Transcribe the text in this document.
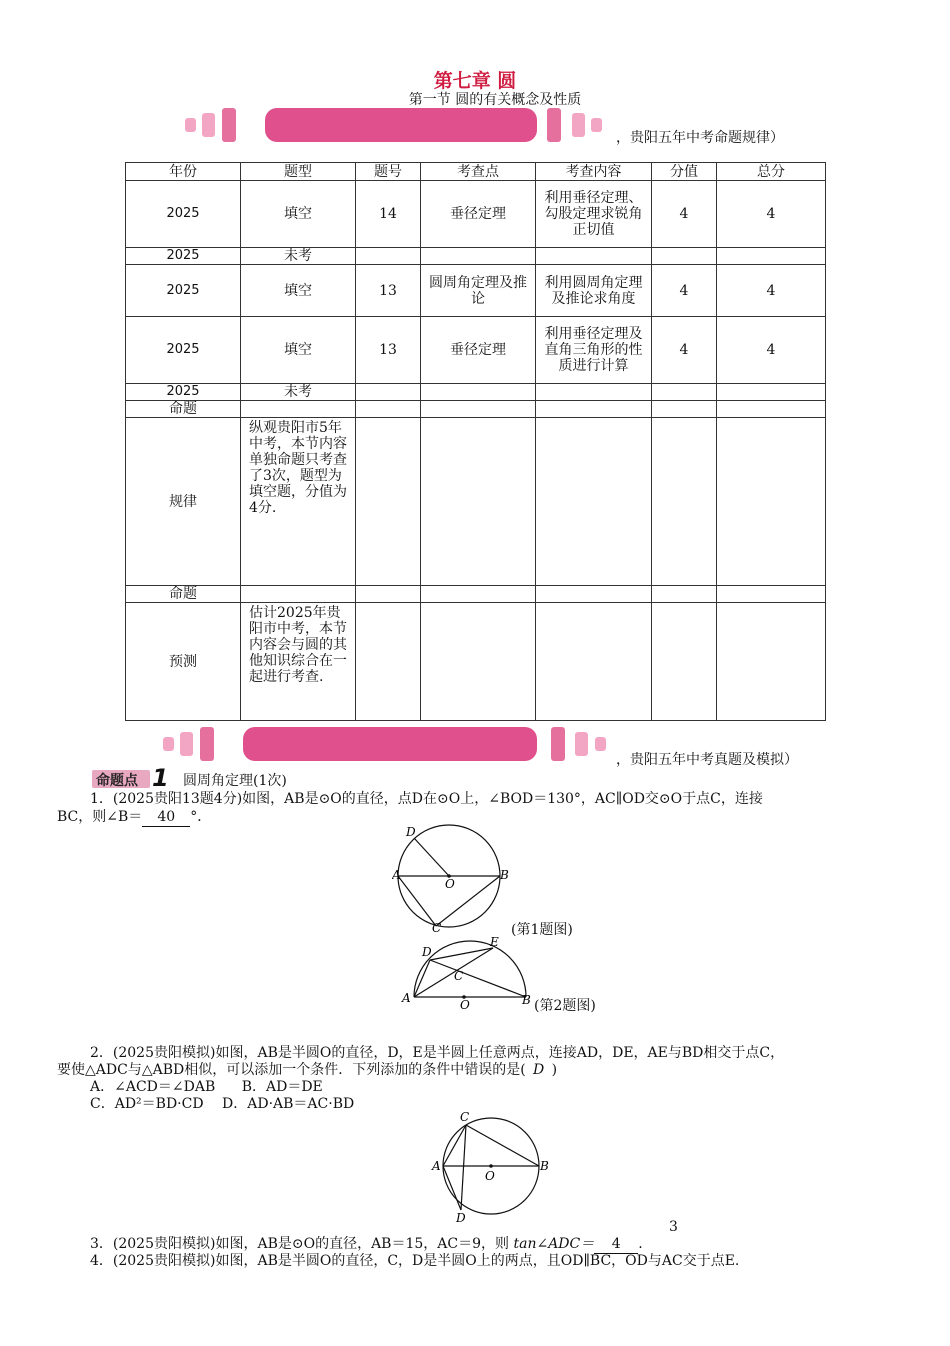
第七章 圆
第一节 圆的有关概念及性质
，贵阳五年中考命题规律）
年份	题型	题号	考查点	考查内容	分值	总分
2025	填空	14	垂径定理	利用垂径定理、勾股定理求锐角正切值	4	4
2025	未考					
2025	填空	13	圆周角定理及推论	利用圆周角定理及推论求角度	4	4
2025	填空	13	垂径定理	利用垂径定理及直角三角形的性质进行计算	4	4
2025	未考					
命题						
规律	纵观贵阳市5年中考，本节内容单独命题只考查了3次，题型为填空题，分值为4分.					
命题						
预测	估计2025年贵阳市中考，本节内容会与圆的其他知识综合在一起进行考查.					
，贵阳五年中考真题及模拟）
命题点 1 圆周角定理(1次)
1．(2025贵阳13题4分)如图，AB是⊙O的直径，点D在⊙O上，∠BOD＝130°，AC∥OD交⊙O于点C，连接
BC，则∠B＝ 40 °．
D
A
O
B
C	(第1题图)
D
E
C
A	O	B (第2题图)
2．(2025贵阳模拟)如图，AB是半圆O的直径，D，E是半圆上任意两点，连接AD，DE，AE与BD相交于点C，
要使△ADC与△ABD相似，可以添加一个条件．下列添加的条件中错误的是( D )
A．∠ACD＝∠DAB B．AD＝DE
C．AD²＝BD·CD D．AD·AB＝AC·BD
C
A
O
B
D
3
3．(2025贵阳模拟)如图，AB是⊙O的直径，AB＝15，AC＝9，则 tan∠ADC＝ 4 .
4．(2025贵阳模拟)如图，AB是半圆O的直径，C，D是半圆O上的两点，且OD∥BC，OD与AC交于点E.
